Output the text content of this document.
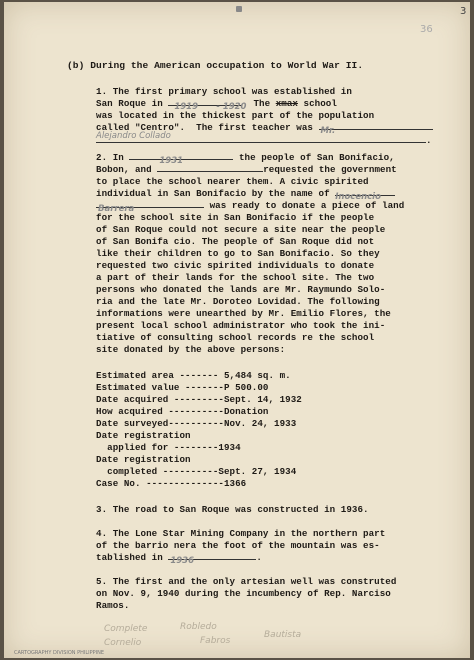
36
3
(b) During the American occupation to World War II.
1. The first primary school was established in
San Roque in 1919 - 1920
. The xmax school
was located in the thickest part of the population
called "Centro".  The first teacher was Mr.
Alejandro Collado	.
2. In	1931	the people of San Bonifacio,
Bobon, and	requested the government
to place the school nearer them. A civic spirited
individual in San Bonifacio by the name of Inocencio
Barrera	was ready to donate a piece of land
for the school site in San Bonifacio if the people
of San Roque could not secure a site near the people
of San Bonifa cio. The people of San Roque did not
like their children to go to San Bonifacio. So they
requested two civic spirited individuals to donate
a part of their lands for the school site. The two
persons who donated the lands are Mr. Raymundo Solo-
ria and the late Mr. Doroteo Lovidad. The following
informations were unearthed by Mr. Emilio Flores, the
present local school administrator who took the ini-
tiative of consulting school records re the school
site donated by the above persons:
Estimated area ------- 5,484 sq. m.
Estimated value -------P 500.00
Date acquired ---------Sept. 14, 1932
How acquired ----------Donation
Date surveyed----------Nov. 24, 1933
Date registration
applied for --------1934
Date registration
completed ----------Sept. 27, 1934
Case No. --------------1366
3. The road to San Roque was constructed in 1936.
4. The Lone Star Mining Company in the northern part
of the barrio nera the foot of the mountain was es-
tablished in 1936	.
5. The first and the only artesian well was construted
on Nov. 9, 1940 during the incumbency of Rep. Narciso
Ramos.
Robledo
Fabros
Complete
Cornelio
Bautista
CARTOGRAPHY DIVISION PHILIPPINE
